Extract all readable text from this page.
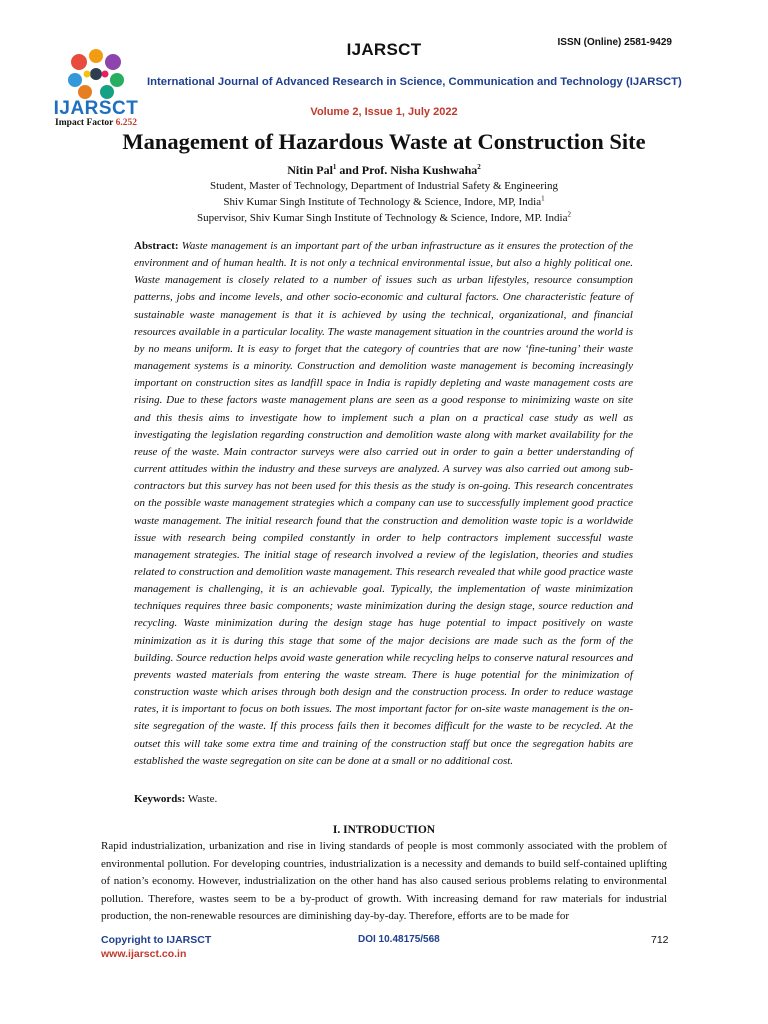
IJARSCT
Impact Factor 6.252
IJARSCT	ISSN (Online) 2581-9429
International Journal of Advanced Research in Science, Communication and Technology (IJARSCT)
Volume 2, Issue 1, July 2022
Management of Hazardous Waste at Construction Site
Nitin Pal$^1$ and Prof. Nisha Kushwaha$^2$
Student, Master of Technology, Department of Industrial Safety & Engineering
Shiv Kumar Singh Institute of Technology & Science, Indore, MP, India$^1$
Supervisor, Shiv Kumar Singh Institute of Technology & Science, Indore, MP. India$^2$
Abstract: Waste management is an important part of the urban infrastructure as it ensures the protection of the environment and of human health. It is not only a technical environmental issue, but also a highly political one. Waste management is closely related to a number of issues such as urban lifestyles, resource consumption patterns, jobs and income levels, and other socio-economic and cultural factors. One characteristic feature of sustainable waste management is that it is achieved by using the technical, organizational, and financial resources available in a particular locality. The waste management situation in the countries around the world is by no means uniform. It is easy to forget that the category of countries that are now ‘fine-tuning’ their waste management systems is a minority. Construction and demolition waste management is becoming increasingly important on construction sites as landfill space in India is rapidly depleting and waste management costs are rising. Due to these factors waste management plans are seen as a good response to minimizing waste on site and this thesis aims to investigate how to implement such a plan on a practical case study as well as investigating the legislation regarding construction and demolition waste along with market availability for the reuse of the waste. Main contractor surveys were also carried out in order to gain a better understanding of current attitudes within the industry and these surveys are analyzed. A survey was also carried out among sub-contractors but this survey has not been used for this thesis as the study is on-going. This research concentrates on the possible waste management strategies which a company can use to successfully implement good practice waste management. The initial research found that the construction and demolition waste topic is a worldwide issue with research being compiled constantly in order to help contractors implement successful waste management strategies. The initial stage of research involved a review of the legislation, theories and studies related to construction and demolition waste management. This research revealed that while good practice waste management is challenging, it is an achievable goal. Typically, the implementation of waste minimization techniques requires three basic components; waste minimization during the design stage, source reduction and recycling. Waste minimization during the design stage has huge potential to impact positively on waste minimization as it is during this stage that some of the major decisions are made such as the form of the building. Source reduction helps avoid waste generation while recycling helps to conserve natural resources and prevents wasted materials from entering the waste stream. There is huge potential for the minimization of construction waste which arises through both design and the construction process. In order to reduce wastage rates, it is important to focus on both issues. The most important factor for on-site waste management is the on-site segregation of the waste. If this process fails then it becomes difficult for the waste to be recycled. At the outset this will take some extra time and training of the construction staff but once the segregation habits are established the waste segregation on site can be done at a small or no additional cost.
Keywords: Waste.
I. INTRODUCTION
Rapid industrialization, urbanization and rise in living standards of people is most commonly associated with the problem of environmental pollution. For developing countries, industrialization is a necessity and demands to build self-contained uplifting of nation’s economy. However, industrialization on the other hand has also caused serious problems relating to environmental pollution. Therefore, wastes seem to be a by-product of growth. With increasing demand for raw materials for industrial production, the non-renewable resources are diminishing day-by-day. Therefore, efforts are to be made for
Copyright to IJARSCT
www.ijarsct.co.in
DOI 10.48175/568	712
